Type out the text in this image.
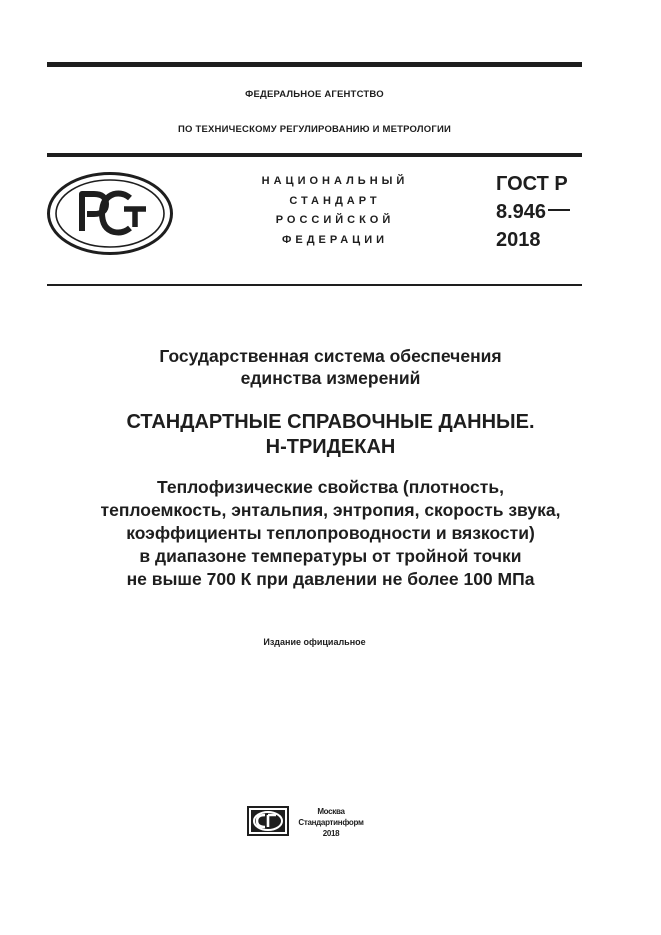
ФЕДЕРАЛЬНОЕ АГЕНТСТВО
ПО ТЕХНИЧЕСКОМУ РЕГУЛИРОВАНИЮ И МЕТРОЛОГИИ
НАЦИОНАЛЬНЫЙ
СТАНДАРТ
РОССИЙСКОЙ
ФЕДЕРАЦИИ
ГОСТ Р
8.946
2018
Государственная система обеспечения
единства измерений
СТАНДАРТНЫЕ СПРАВОЧНЫЕ ДАННЫЕ.
Н-ТРИДЕКАН
Теплофизические свойства (плотность,
теплоемкость, энтальпия, энтропия, скорость звука,
коэффициенты теплопроводности и вязкости)
в диапазоне температуры от тройной точки
не выше 700 К при давлении не более 100 МПа
Издание официальное
Москва
Стандартинформ
2018
